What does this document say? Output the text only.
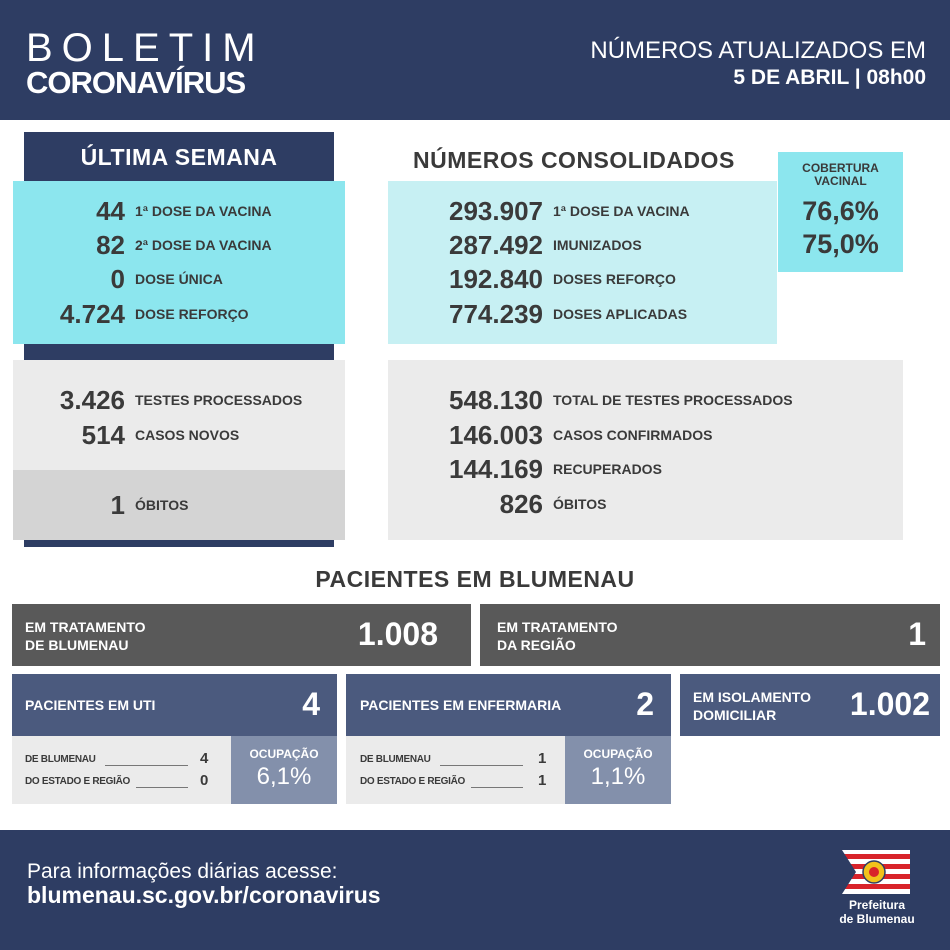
BOLETIM
CORONAVÍRUS
NÚMEROS ATUALIZADOS EM
5 DE ABRIL | 08h00
ÚLTIMA SEMANA
44 1ª DOSE DA VACINA
82 2ª DOSE DA VACINA
0 DOSE ÚNICA
4.724 DOSE REFORÇO
3.426 TESTES PROCESSADOS
514 CASOS NOVOS
1 ÓBITOS
NÚMEROS CONSOLIDADOS	COBERTURA
VACINAL
76,6%
75,0%
293.907 1ª DOSE DA VACINA
287.492 IMUNIZADOS
192.840 DOSES REFORÇO
774.239 DOSES APLICADAS
548.130 TOTAL DE TESTES PROCESSADOS
146.003 CASOS CONFIRMADOS
144.169 RECUPERADOS
826 ÓBITOS
PACIENTES EM BLUMENAU
EM TRATAMENTO
DE BLUMENAU	1.008	EM TRATAMENTO
DA REGIÃO	1
PACIENTES EM UTI	4
DE BLUMENAU	4
DO ESTADO E REGIÃO	0
OCUPAÇÃO
6,1%
PACIENTES EM ENFERMARIA 2
DE BLUMENAU	1
DO ESTADO E REGIÃO	1
OCUPAÇÃO
1,1%
EM ISOLAMENTO
DOMICILIAR	1.002
Para informações diárias acesse:
blumenau.sc.gov.br/coronavirus	Prefeitura
de Blumenau
